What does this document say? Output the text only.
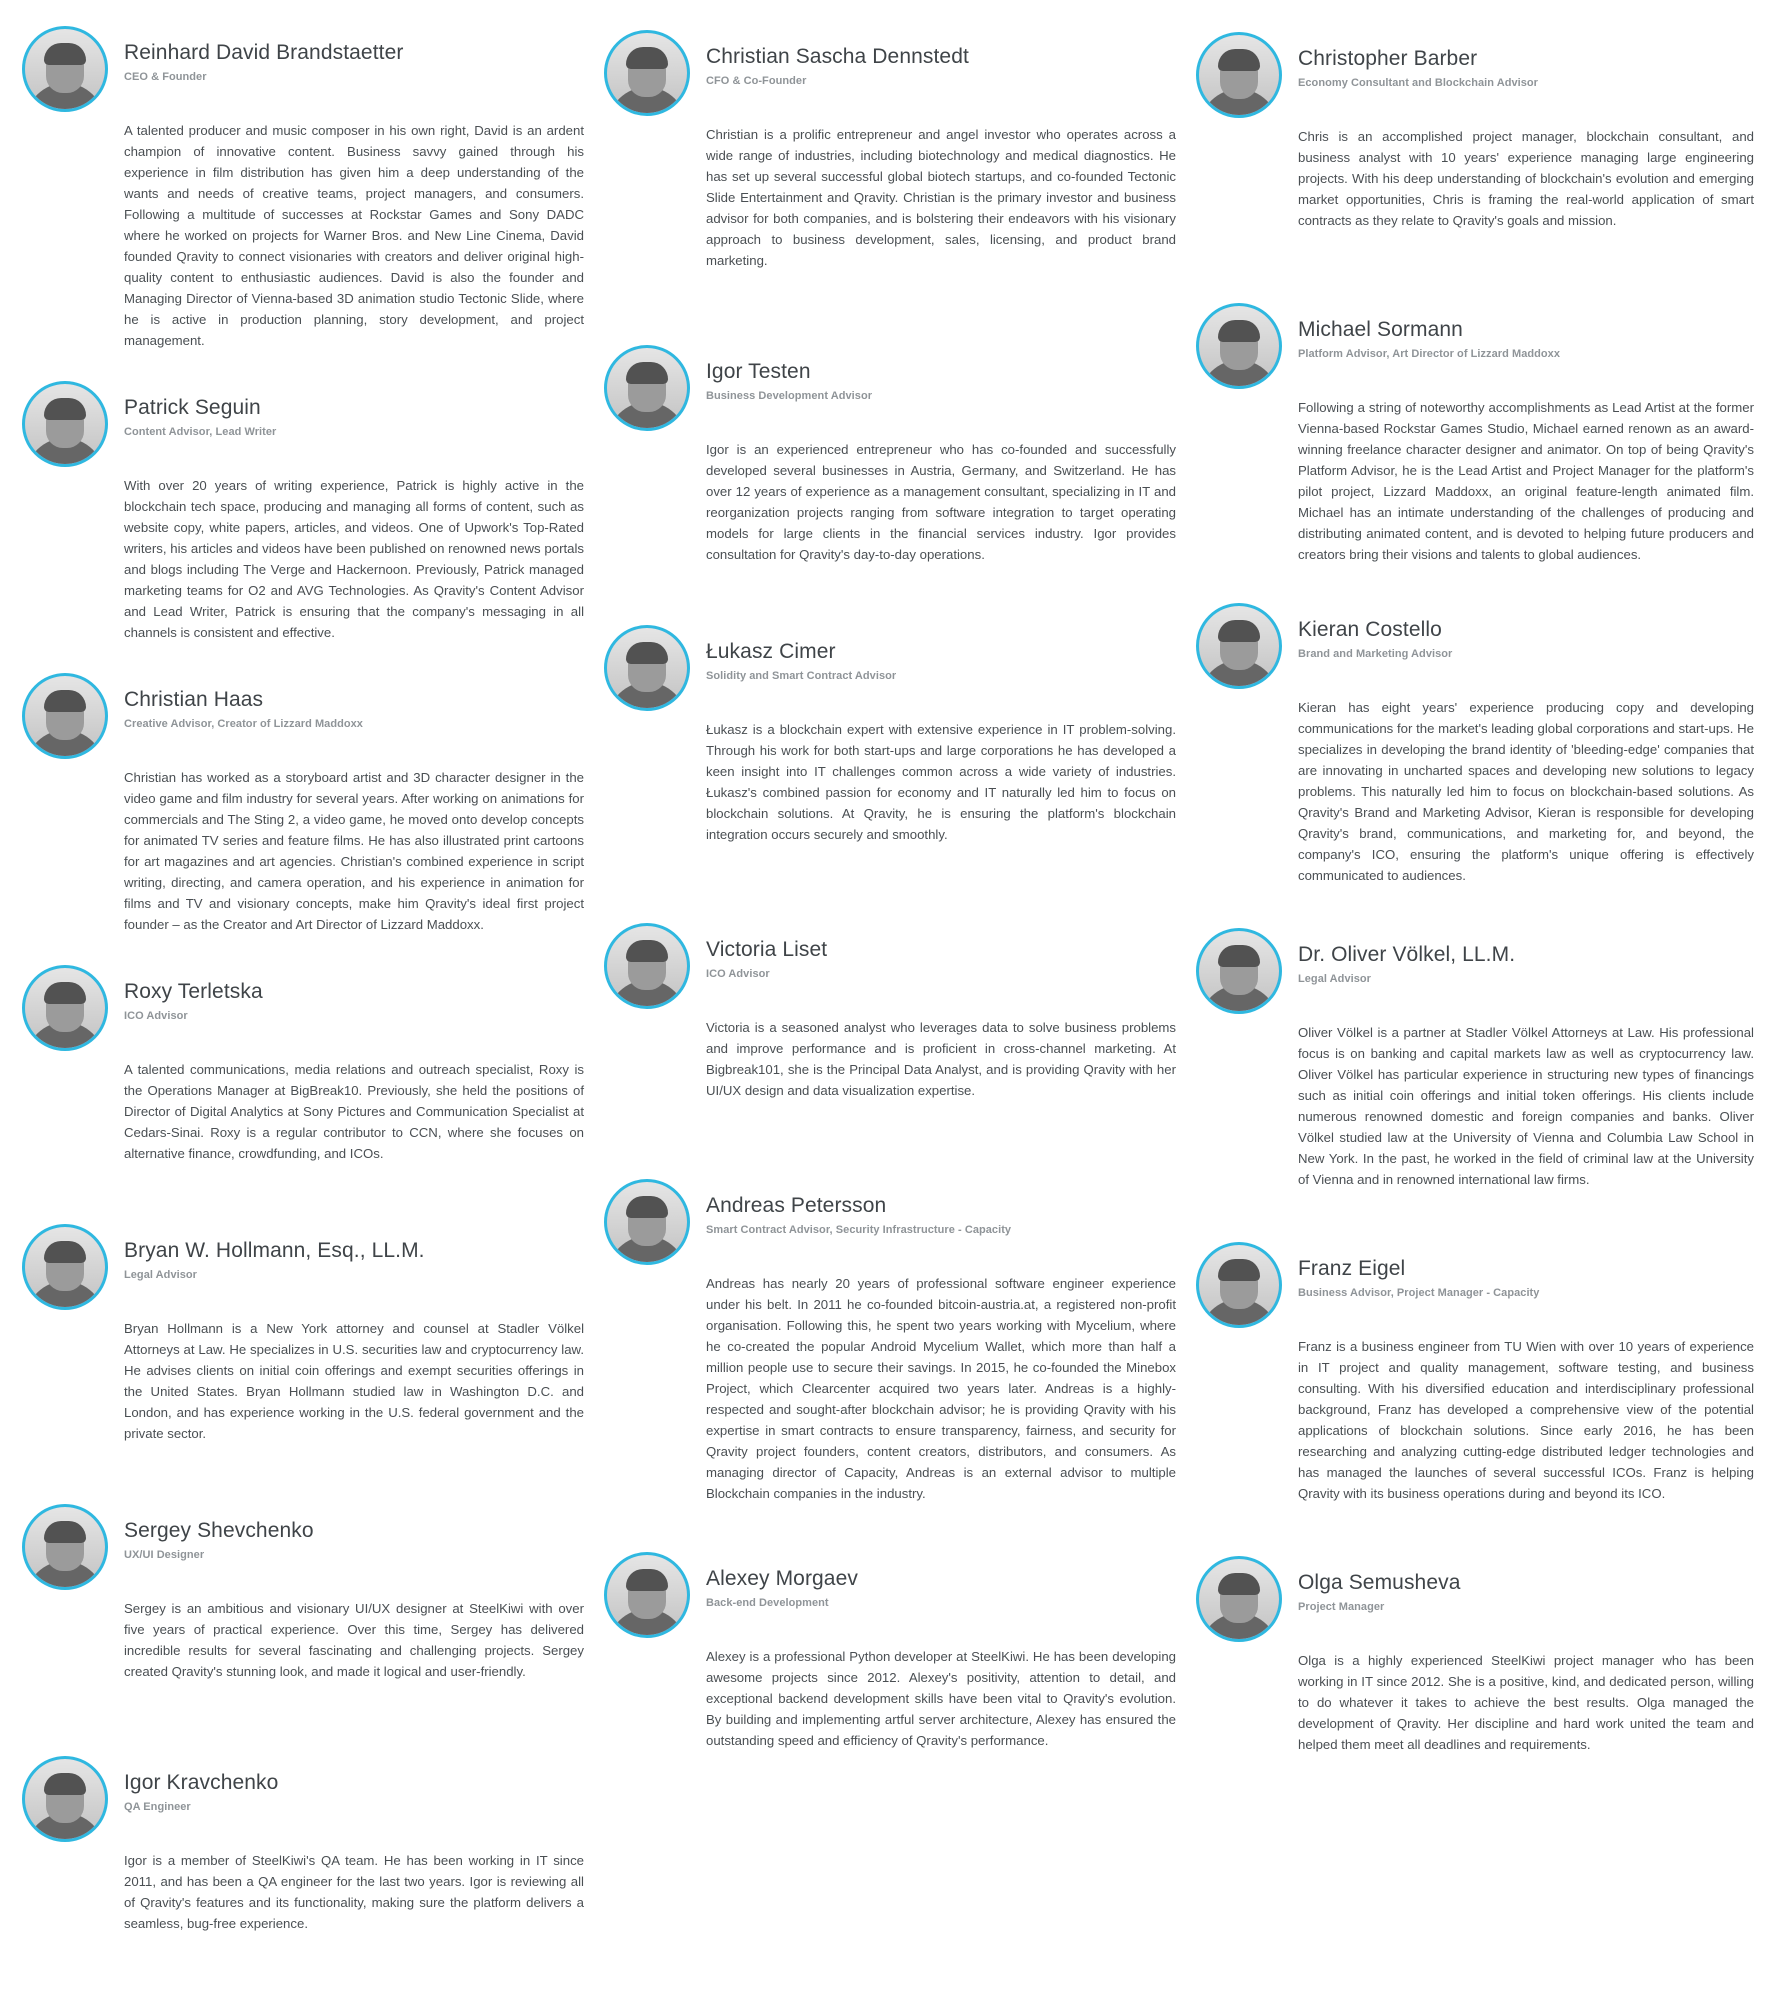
Reinhard David Brandstaetter
CEO & Founder

A talented producer and music composer in his own right, David is an ardent champion of innovative content. Business savvy gained through his experience in film distribution has given him a deep understanding of the wants and needs of creative teams, project managers, and consumers. Following a multitude of successes at Rockstar Games and Sony DADC where he worked on projects for Warner Bros. and New Line Cinema, David founded Qravity to connect visionaries with creators and deliver original high-quality content to enthusiastic audiences. David is also the founder and Managing Director of Vienna-based 3D animation studio Tectonic Slide, where he is active in production planning, story development, and project management.

Patrick Seguin
Content Advisor, Lead Writer

With over 20 years of writing experience, Patrick is highly active in the blockchain tech space, producing and managing all forms of content, such as website copy, white papers, articles, and videos. One of Upwork's Top-Rated writers, his articles and videos have been published on renowned news portals and blogs including The Verge and Hackernoon. Previously, Patrick managed marketing teams for O2 and AVG Technologies. As Qravity's Content Advisor and Lead Writer, Patrick is ensuring that the company's messaging in all channels is consistent and effective.

Christian Haas
Creative Advisor, Creator of Lizzard Maddoxx

Christian has worked as a storyboard artist and 3D character designer in the video game and film industry for several years. After working on animations for commercials and The Sting 2, a video game, he moved onto develop concepts for animated TV series and feature films. He has also illustrated print cartoons for art magazines and art agencies. Christian's combined experience in script writing, directing, and camera operation, and his experience in animation for films and TV and visionary concepts, make him Qravity's ideal first project founder – as the Creator and Art Director of Lizzard Maddoxx.

Roxy Terletska
ICO Advisor

A talented communications, media relations and outreach specialist, Roxy is the Operations Manager at BigBreak10. Previously, she held the positions of Director of Digital Analytics at Sony Pictures and Communication Specialist at Cedars-Sinai. Roxy is a regular contributor to CCN, where she focuses on alternative finance, crowdfunding, and ICOs.

Bryan W. Hollmann, Esq., LL.M.
Legal Advisor

Bryan Hollmann is a New York attorney and counsel at Stadler Völkel Attorneys at Law. He specializes in U.S. securities law and cryptocurrency law. He advises clients on initial coin offerings and exempt securities offerings in the United States. Bryan Hollmann studied law in Washington D.C. and London, and has experience working in the U.S. federal government and the private sector.

Sergey Shevchenko
UX/UI Designer

Sergey is an ambitious and visionary UI/UX designer at SteelKiwi with over five years of practical experience. Over this time, Sergey has delivered incredible results for several fascinating and challenging projects. Sergey created Qravity's stunning look, and made it logical and user-friendly.

Igor Kravchenko
QA Engineer

Igor is a member of SteelKiwi's QA team. He has been working in IT since 2011, and has been a QA engineer for the last two years. Igor is reviewing all of Qravity's features and its functionality, making sure the platform delivers a seamless, bug-free experience.

Christian Sascha Dennstedt
CFO & Co-Founder

Christian is a prolific entrepreneur and angel investor who operates across a wide range of industries, including biotechnology and medical diagnostics. He has set up several successful global biotech startups, and co-founded Tectonic Slide Entertainment and Qravity. Christian is the primary investor and business advisor for both companies, and is bolstering their endeavors with his visionary approach to business development, sales, licensing, and product brand marketing.

Igor Testen
Business Development Advisor

Igor is an experienced entrepreneur who has co-founded and successfully developed several businesses in Austria, Germany, and Switzerland. He has over 12 years of experience as a management consultant, specializing in IT and reorganization projects ranging from software integration to target operating models for large clients in the financial services industry. Igor provides consultation for Qravity's day-to-day operations.

Łukasz Cimer
Solidity and Smart Contract Advisor

Łukasz is a blockchain expert with extensive experience in IT problem-solving. Through his work for both start-ups and large corporations he has developed a keen insight into IT challenges common across a wide variety of industries. Łukasz's combined passion for economy and IT naturally led him to focus on blockchain solutions. At Qravity, he is ensuring the platform's blockchain integration occurs securely and smoothly.

Victoria Liset
ICO Advisor

Victoria is a seasoned analyst who leverages data to solve business problems and improve performance and is proficient in cross-channel marketing. At Bigbreak101, she is the Principal Data Analyst, and is providing Qravity with her UI/UX design and data visualization expertise.

Andreas Petersson
Smart Contract Advisor, Security Infrastructure - Capacity

Andreas has nearly 20 years of professional software engineer experience under his belt. In 2011 he co-founded bitcoin-austria.at, a registered non-profit organisation. Following this, he spent two years working with Mycelium, where he co-created the popular Android Mycelium Wallet, which more than half a million people use to secure their savings. In 2015, he co-founded the Minebox Project, which Clearcenter acquired two years later. Andreas is a highly-respected and sought-after blockchain advisor; he is providing Qravity with his expertise in smart contracts to ensure transparency, fairness, and security for Qravity project founders, content creators, distributors, and consumers. As managing director of Capacity, Andreas is an external advisor to multiple Blockchain companies in the industry.

Alexey Morgaev
Back-end Development

Alexey is a professional Python developer at SteelKiwi. He has been developing awesome projects since 2012. Alexey's positivity, attention to detail, and exceptional backend development skills have been vital to Qravity's evolution. By building and implementing artful server architecture, Alexey has ensured the outstanding speed and efficiency of Qravity's performance.

Christopher Barber
Economy Consultant and Blockchain Advisor

Chris is an accomplished project manager, blockchain consultant, and business analyst with 10 years' experience managing large engineering projects. With his deep understanding of blockchain's evolution and emerging market opportunities, Chris is framing the real-world application of smart contracts as they relate to Qravity's goals and mission.

Michael Sormann
Platform Advisor, Art Director of Lizzard Maddoxx

Following a string of noteworthy accomplishments as Lead Artist at the former Vienna-based Rockstar Games Studio, Michael earned renown as an award-winning freelance character designer and animator. On top of being Qravity's Platform Advisor, he is the Lead Artist and Project Manager for the platform's pilot project, Lizzard Maddoxx, an original feature-length animated film. Michael has an intimate understanding of the challenges of producing and distributing animated content, and is devoted to helping future producers and creators bring their visions and talents to global audiences.

Kieran Costello
Brand and Marketing Advisor

Kieran has eight years' experience producing copy and developing communications for the market's leading global corporations and start-ups. He specializes in developing the brand identity of 'bleeding-edge' companies that are innovating in uncharted spaces and developing new solutions to legacy problems. This naturally led him to focus on blockchain-based solutions. As Qravity's Brand and Marketing Advisor, Kieran is responsible for developing Qravity's brand, communications, and marketing for, and beyond, the company's ICO, ensuring the platform's unique offering is effectively communicated to audiences.

Dr. Oliver Völkel, LL.M.
Legal Advisor

Oliver Völkel is a partner at Stadler Völkel Attorneys at Law. His professional focus is on banking and capital markets law as well as cryptocurrency law. Oliver Völkel has particular experience in structuring new types of financings such as initial coin offerings and initial token offerings. His clients include numerous renowned domestic and foreign companies and banks. Oliver Völkel studied law at the University of Vienna and Columbia Law School in New York. In the past, he worked in the field of criminal law at the University of Vienna and in renowned international law firms.

Franz Eigel
Business Advisor, Project Manager - Capacity

Franz is a business engineer from TU Wien with over 10 years of experience in IT project and quality management, software testing, and business consulting. With his diversified education and interdisciplinary professional background, Franz has developed a comprehensive view of the potential applications of blockchain solutions. Since early 2016, he has been researching and analyzing cutting-edge distributed ledger technologies and has managed the launches of several successful ICOs. Franz is helping Qravity with its business operations during and beyond its ICO.

Olga Semusheva
Project Manager

Olga is a highly experienced SteelKiwi project manager who has been working in IT since 2012. She is a positive, kind, and dedicated person, willing to do whatever it takes to achieve the best results. Olga managed the development of Qravity. Her discipline and hard work united the team and helped them meet all deadlines and requirements.
